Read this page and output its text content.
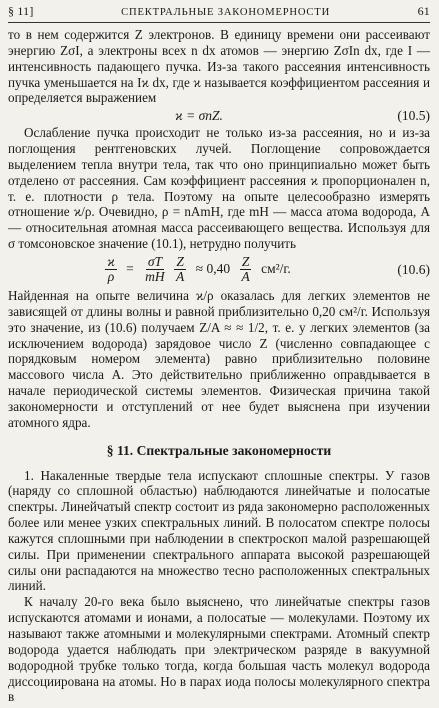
§ 11]	СПЕКТРАЛЬНЫЕ ЗАКОНОМЕРНОСТИ	61

то в нем содержится Z электронов. В единицу времени они рассеивают энергию ZσI, а электроны всех n dx атомов — энергию ZσIn dx, где I — интенсивность падающего пучка. Из-за такого рассеяния интенсивность пучка уменьшается на Iϰ dx, где ϰ называется коэффициентом рассеяния и определяется выражением

ϰ = σnZ.	(10.5)

Ослабление пучка происходит не только из-за рассеяния, но и из-за поглощения рентгеновских лучей. Поглощение сопровождается выделением тепла внутри тела, так что оно принципиально может быть отделено от рассеяния. Сам коэффициент рассеяния ϰ пропорционален n, т. е. плотности ρ тела. Поэтому на опыте целесообразно измерять отношение ϰ/ρ. Очевидно, ρ = nAmH, где mH — масса атома водорода, A — относительная атомная масса рассеивающего вещества. Используя для σ томсоновское значение (10.1), нетрудно получить

$\frac{ϰ}{\rho} = \frac{\sigma T}{mH}$
$\frac{Z}{A} \approx 0,40 \frac{Z}{A} см^2/г$.	(10.6)

Найденная на опыте величина ϰ/ρ оказалась для легких элементов не зависящей от длины волны и равной приблизительно 0,20 см²/г. Используя это значение, из (10.6) получаем Z/A ≈ ≈ 1/2, т. е. у легких элементов (за исключением водорода) зарядовое число Z (численно совпадающее с порядковым номером элемента) равно приблизительно половине массового числа A. Это действительно приближенно оправдывается в начале периодической системы элементов. Физическая причина такой закономерности и отступлений от нее будет выяснена при изучении атомного ядра.

§ 11. Спектральные закономерности

1. Накаленные твердые тела испускают сплошные спектры. У газов (наряду со сплошной областью) наблюдаются линейчатые и полосатые спектры. Линейчатый спектр состоит из ряда закономерно расположенных более или менее узких спектральных линий. В полосатом спектре полосы кажутся сплошными при наблюдении в спектроскоп малой разрешающей силы. При применении спектрального аппарата высокой разрешающей силы они распадаются на множество тесно расположенных спектральных линий.

К началу 20-го века было выяснено, что линейчатые спектры газов испускаются атомами и ионами, а полосатые — молекулами. Поэтому их называют также атомными и молекулярными спектрами. Атомный спектр водорода удается наблюдать при электрическом разряде в вакуумной водородной трубке только тогда, когда большая часть молекул водорода диссоциирована на атомы. Но в парах иода полосы молекулярного спектра в
